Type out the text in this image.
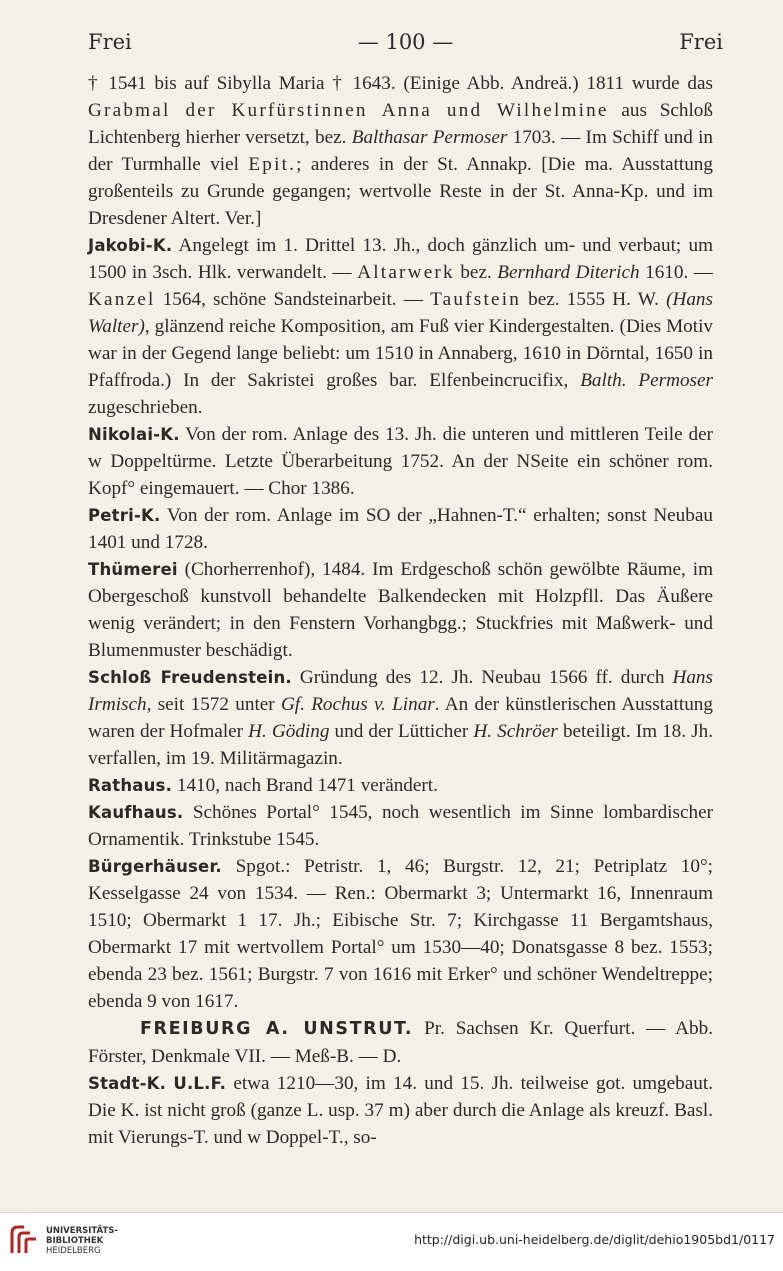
Frei	— 100 —	Frei

† 1541 bis auf Sibylla Maria † 1643. (Einige Abb. Andreä.) 1811 wurde das Grabmal der Kurfürstinnen Anna und Wilhelmine aus Schloß Lichtenberg hierher versetzt, bez. Balthasar Permoser 1703. — Im Schiff und in der Turmhalle viel Epit.; anderes in der St. Annakp. [Die ma. Ausstattung großenteils zu Grunde gegangen; wertvolle Reste in der St. Anna-Kp. und im Dresdener Altert. Ver.]

Jakobi-K. Angelegt im 1. Drittel 13. Jh., doch gänzlich um- und verbaut; um 1500 in 3sch. Hlk. verwandelt. — Altarwerk bez. Bernhard Diterich 1610. — Kanzel 1564, schöne Sandsteinarbeit. — Taufstein bez. 1555 H. W. (Hans Walter), glänzend reiche Komposition, am Fuß vier Kindergestalten. (Dies Motiv war in der Gegend lange beliebt: um 1510 in Annaberg, 1610 in Dörntal, 1650 in Pfaffroda.) In der Sakristei großes bar. Elfenbeincrucifix, Balth. Permoser zugeschrieben.

Nikolai-K. Von der rom. Anlage des 13. Jh. die unteren und mittleren Teile der w Doppeltürme. Letzte Überarbeitung 1752. An der NSeite ein schöner rom. Kopf° eingemauert. — Chor 1386.

Petri-K. Von der rom. Anlage im SO der „Hahnen-T.“ erhalten; sonst Neubau 1401 und 1728.

Thümerei (Chorherrenhof), 1484. Im Erdgeschoß schön gewölbte Räume, im Obergeschoß kunstvoll behandelte Balkendecken mit Holzpfll. Das Äußere wenig verändert; in den Fenstern Vorhangbgg.; Stuckfries mit Maßwerk- und Blumenmuster beschädigt.

Schloß Freudenstein. Gründung des 12. Jh. Neubau 1566 ff. durch Hans Irmisch, seit 1572 unter Gf. Rochus v. Linar. An der künstlerischen Ausstattung waren der Hofmaler H. Göding und der Lütticher H. Schröer beteiligt. Im 18. Jh. verfallen, im 19. Militärmagazin.

Rathaus. 1410, nach Brand 1471 verändert.

Kaufhaus. Schönes Portal° 1545, noch wesentlich im Sinne lombardischer Ornamentik. Trinkstube 1545.

Bürgerhäuser. Spgot.: Petristr. 1, 46; Burgstr. 12, 21; Petriplatz 10°; Kesselgasse 24 von 1534. — Ren.: Obermarkt 3; Untermarkt 16, Innenraum 1510; Obermarkt 1 17. Jh.; Eibische Str. 7; Kirchgasse 11 Bergamtshaus, Obermarkt 17 mit wertvollem Portal° um 1530—40; Donatsgasse 8 bez. 1553; ebenda 23 bez. 1561; Burgstr. 7 von 1616 mit Erker° und schöner Wendeltreppe; ebenda 9 von 1617.

FREIBURG A. UNSTRUT. Pr. Sachsen Kr. Querfurt. — Abb. Förster, Denkmale VII. — Meß-B. — D.

Stadt-K. U.L.F. etwa 1210—30, im 14. und 15. Jh. teilweise got. umgebaut. Die K. ist nicht groß (ganze L. usp. 37 m) aber durch die Anlage als kreuzf. Basl. mit Vierungs-T. und w Doppel-T., so-

UNIVERSITÄTS-
BIBLIOTHEK
HEIDELBERG
http://digi.ub.uni-heidelberg.de/diglit/dehio1905bd1/0117
